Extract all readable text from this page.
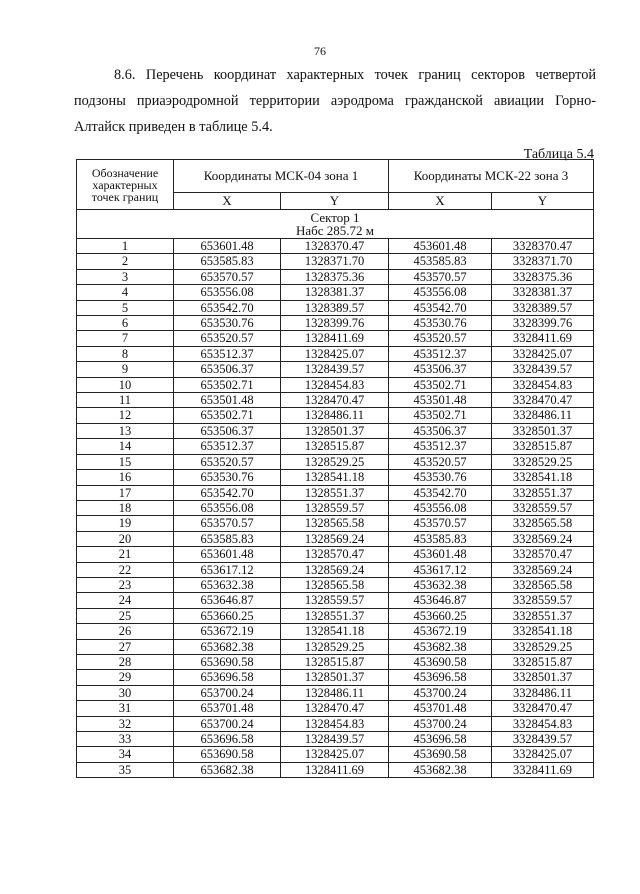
76

8.6. Перечень координат характерных точек границ секторов четвертой подзоны приаэродромной территории аэродрома гражданской авиации Горно-Алтайск приведен в таблице 5.4.

Таблица 5.4
Обозначение характерных точек границ	Координаты МСК-04 зона 1		Координаты МСК-22 зона 3	
	X	Y	X	Y

Сектор 1
Набс 285.72 м				

1	653601.48	1328370.47	453601.48	3328370.47
2	653585.83	1328371.70	453585.83	3328371.70
3	653570.57	1328375.36	453570.57	3328375.36
4	653556.08	1328381.37	453556.08	3328381.37
5	653542.70	1328389.57	453542.70	3328389.57
6	653530.76	1328399.76	453530.76	3328399.76
7	653520.57	1328411.69	453520.57	3328411.69
8	653512.37	1328425.07	453512.37	3328425.07
9	653506.37	1328439.57	453506.37	3328439.57
10	653502.71	1328454.83	453502.71	3328454.83
11	653501.48	1328470.47	453501.48	3328470.47
12	653502.71	1328486.11	453502.71	3328486.11
13	653506.37	1328501.37	453506.37	3328501.37
14	653512.37	1328515.87	453512.37	3328515.87
15	653520.57	1328529.25	453520.57	3328529.25
16	653530.76	1328541.18	453530.76	3328541.18
17	653542.70	1328551.37	453542.70	3328551.37
18	653556.08	1328559.57	453556.08	3328559.57
19	653570.57	1328565.58	453570.57	3328565.58
20	653585.83	1328569.24	453585.83	3328569.24
21	653601.48	1328570.47	453601.48	3328570.47
22	653617.12	1328569.24	453617.12	3328569.24
23	653632.38	1328565.58	453632.38	3328565.58
24	653646.87	1328559.57	453646.87	3328559.57
25	653660.25	1328551.37	453660.25	3328551.37
26	653672.19	1328541.18	453672.19	3328541.18
27	653682.38	1328529.25	453682.38	3328529.25
28	653690.58	1328515.87	453690.58	3328515.87
29	653696.58	1328501.37	453696.58	3328501.37
30	653700.24	1328486.11	453700.24	3328486.11
31	653701.48	1328470.47	453701.48	3328470.47
32	653700.24	1328454.83	453700.24	3328454.83
33	653696.58	1328439.57	453696.58	3328439.57
34	653690.58	1328425.07	453690.58	3328425.07
35	653682.38	1328411.69	453682.38	3328411.69
